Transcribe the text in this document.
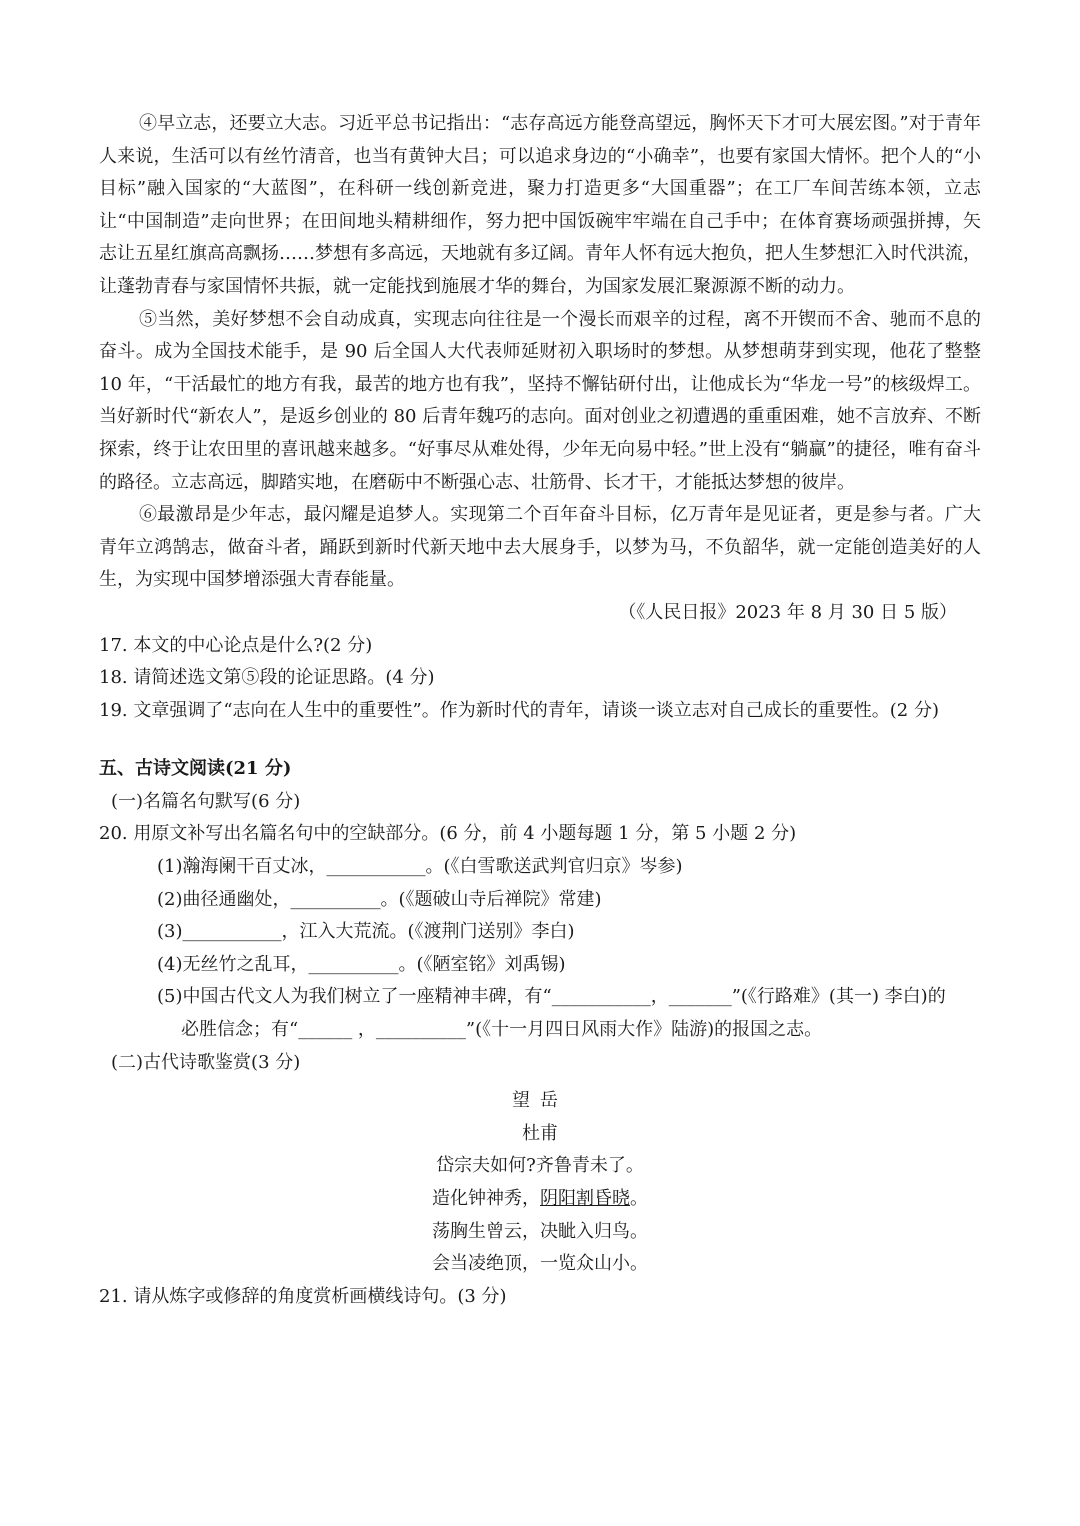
④早立志，还要立大志。习近平总书记指出：“志存高远方能登高望远，胸怀天下才可大展宏图。”对于青年人来说，生活可以有丝竹清音，也当有黄钟大吕；可以追求身边的“小确幸”，也要有家国大情怀。把个人的“小目标”融入国家的“大蓝图”，在科研一线创新竞进，聚力打造更多“大国重器”；在工厂车间苦练本领，立志让“中国制造”走向世界；在田间地头精耕细作，努力把中国饭碗牢牢端在自己手中；在体育赛场顽强拼搏，矢志让五星红旗高高飘扬……梦想有多高远，天地就有多辽阔。青年人怀有远大抱负，把人生梦想汇入时代洪流，让蓬勃青春与家国情怀共振，就一定能找到施展才华的舞台，为国家发展汇聚源源不断的动力。

⑤当然，美好梦想不会自动成真，实现志向往往是一个漫长而艰辛的过程，离不开锲而不舍、驰而不息的奋斗。成为全国技术能手，是 90 后全国人大代表师延财初入职场时的梦想。从梦想萌芽到实现，他花了整整 10 年，“干活最忙的地方有我，最苦的地方也有我”，坚持不懈钻研付出，让他成长为“华龙一号”的核级焊工。当好新时代“新农人”，是返乡创业的 80 后青年魏巧的志向。面对创业之初遭遇的重重困难，她不言放弃、不断探索，终于让农田里的喜讯越来越多。“好事尽从难处得，少年无向易中轻。”世上没有“躺赢”的捷径，唯有奋斗的路径。立志高远，脚踏实地，在磨砺中不断强心志、壮筋骨、长才干，才能抵达梦想的彼岸。

⑥最激昂是少年志，最闪耀是追梦人。实现第二个百年奋斗目标，亿万青年是见证者，更是参与者。广大青年立鸿鹄志，做奋斗者，踊跃到新时代新天地中去大展身手，以梦为马，不负韶华，就一定能创造美好的人生，为实现中国梦增添强大青春能量。

（《人民日报》2023 年 8 月 30 日 5 版）

17. 本文的中心论点是什么?(2 分)

18. 请简述选文第⑤段的论证思路。(4 分)

19. 文章强调了“志向在人生中的重要性”。作为新时代的青年，请谈一谈立志对自己成长的重要性。(2 分)

五、古诗文阅读(21 分)

(一)名篇名句默写(6 分)

20. 用原文补写出名篇名句中的空缺部分。(6 分，前 4 小题每题 1 分，第 5 小题 2 分)

(1)瀚海阑干百丈冰，___________。(《白雪歌送武判官归京》岑参)

(2)曲径通幽处，__________。(《题破山寺后禅院》常建)

(3)___________，江入大荒流。(《渡荆门送别》李白)

(4)无丝竹之乱耳，__________。(《陋室铭》刘禹锡)

(5)中国古代文人为我们树立了一座精神丰碑，有“___________，_______”(《行路难》(其一) 李白)的必胜信念；有“______ ，__________”(《十一月四日风雨大作》陆游)的报国之志。

(二)古代诗歌鉴赏(3 分)

望岳

杜甫

岱宗夫如何?齐鲁青未了。

造化钟神秀，阴阳割昏晓。

荡胸生曾云，决眦入归鸟。

会当凌绝顶，一览众山小。

21. 请从炼字或修辞的角度赏析画横线诗句。(3 分)
